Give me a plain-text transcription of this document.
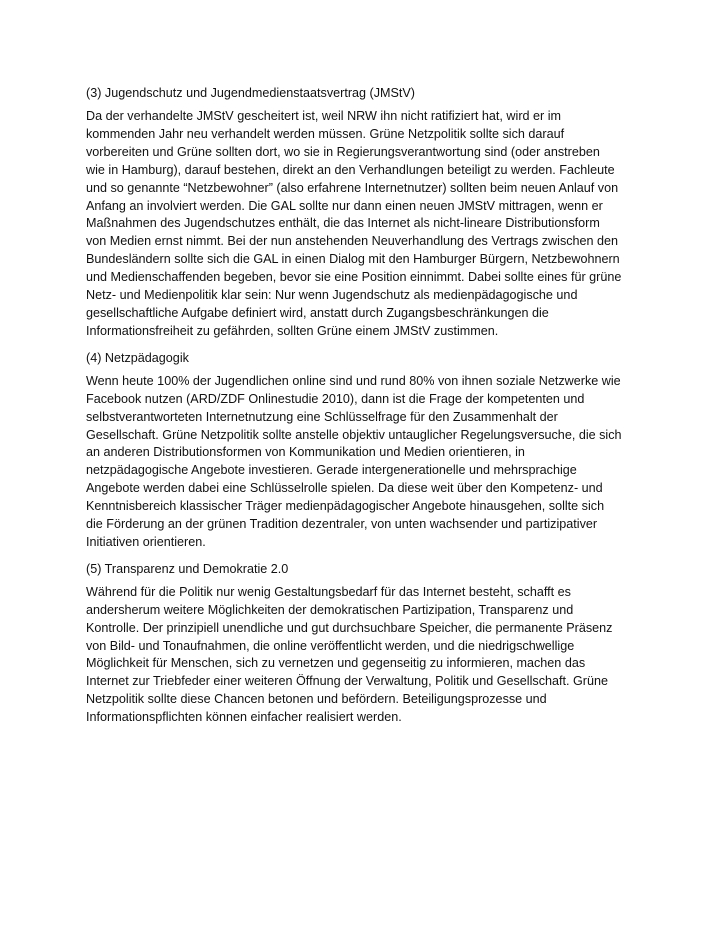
(3) Jugendschutz und Jugendmedienstaatsvertrag (JMStV)

Da der verhandelte JMStV gescheitert ist, weil NRW ihn nicht ratifiziert hat, wird er im
kommenden Jahr neu verhandelt werden müssen. Grüne Netzpolitik sollte sich darauf
vorbereiten und Grüne sollten dort, wo sie in Regierungsverantwortung sind (oder anstreben
wie in Hamburg), darauf bestehen, direkt an den Verhandlungen beteiligt zu werden. Fachleute
und so genannte “Netzbewohner” (also erfahrene Internetnutzer) sollten beim neuen Anlauf von
Anfang an involviert werden. Die GAL sollte nur dann einen neuen JMStV mittragen, wenn er
Maßnahmen des Jugendschutzes enthält, die das Internet als nicht-lineare Distributionsform
von Medien ernst nimmt. Bei der nun anstehenden Neuverhandlung des Vertrags zwischen den
Bundesländern sollte sich die GAL in einen Dialog mit den Hamburger Bürgern, Netzbewohnern
und Medienschaffenden begeben, bevor sie eine Position einnimmt. Dabei sollte eines für grüne
Netz- und Medienpolitik klar sein: Nur wenn Jugendschutz als medienpädagogische und
gesellschaftliche Aufgabe definiert wird, anstatt durch Zugangsbeschränkungen die
Informationsfreiheit zu gefährden, sollten Grüne einem JMStV zustimmen.

(4) Netzpädagogik

Wenn heute 100% der Jugendlichen online sind und rund 80% von ihnen soziale Netzwerke wie
Facebook nutzen (ARD/ZDF Onlinestudie 2010), dann ist die Frage der kompetenten und
selbstverantworteten Internetnutzung eine Schlüsselfrage für den Zusammenhalt der
Gesellschaft. Grüne Netzpolitik sollte anstelle objektiv untauglicher Regelungsversuche, die sich
an anderen Distributionsformen von Kommunikation und Medien orientieren, in
netzpädagogische Angebote investieren. Gerade intergenerationelle und mehrsprachige
Angebote werden dabei eine Schlüsselrolle spielen. Da diese weit über den Kompetenz- und
Kenntnisbereich klassischer Träger medienpädagogischer Angebote hinausgehen, sollte sich
die Förderung an der grünen Tradition dezentraler, von unten wachsender und partizipativer
Initiativen orientieren.

(5) Transparenz und Demokratie 2.0

Während für die Politik nur wenig Gestaltungsbedarf für das Internet besteht, schafft es
andersherum weitere Möglichkeiten der demokratischen Partizipation, Transparenz und
Kontrolle. Der prinzipiell unendliche und gut durchsuchbare Speicher, die permanente Präsenz
von Bild- und Tonaufnahmen, die online veröffentlicht werden, und die niedrigschwellige
Möglichkeit für Menschen, sich zu vernetzen und gegenseitig zu informieren, machen das
Internet zur Triebfeder einer weiteren Öffnung der Verwaltung, Politik und Gesellschaft. Grüne
Netzpolitik sollte diese Chancen betonen und befördern. Beteiligungsprozesse und
Informationspflichten können einfacher realisiert werden.
